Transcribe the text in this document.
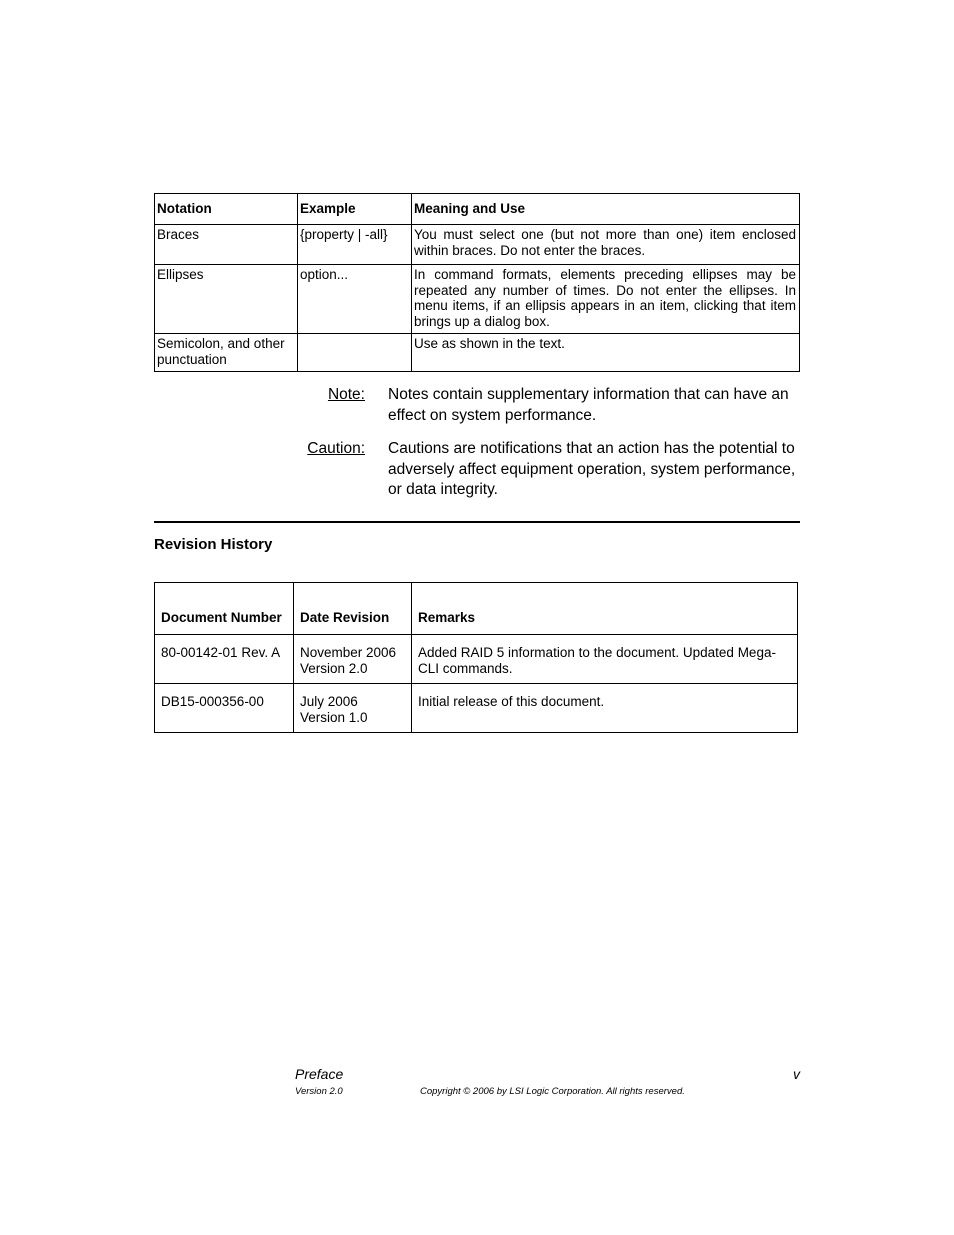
Notation	Example	Meaning and Use
Braces	{property | -all}	You must select one (but not more than one) item enclosed within braces. Do not enter the braces.
Ellipses	option...	In command formats, elements preceding ellipses may be repeated any number of times. Do not enter the ellipses. In menu items, if an ellipsis appears in an item, clicking that item brings up a dialog box.
Semicolon, and other punctuation		Use as shown in the text.
Note: Notes contain supplementary information that can have an effect on system performance.
Caution: Cautions are notifications that an action has the potential to adversely affect equipment operation, system performance, or data integrity.
Revision History
Document Number	Date Revision	Remarks
80-00142-01 Rev. A	November 2006 Version 2.0	Added RAID 5 information to the document. Updated Mega-CLI commands.
DB15-000356-00	July 2006 Version 1.0	Initial release of this document.
Preface	v
Version 2.0	Copyright © 2006 by LSI Logic Corporation. All rights reserved.
